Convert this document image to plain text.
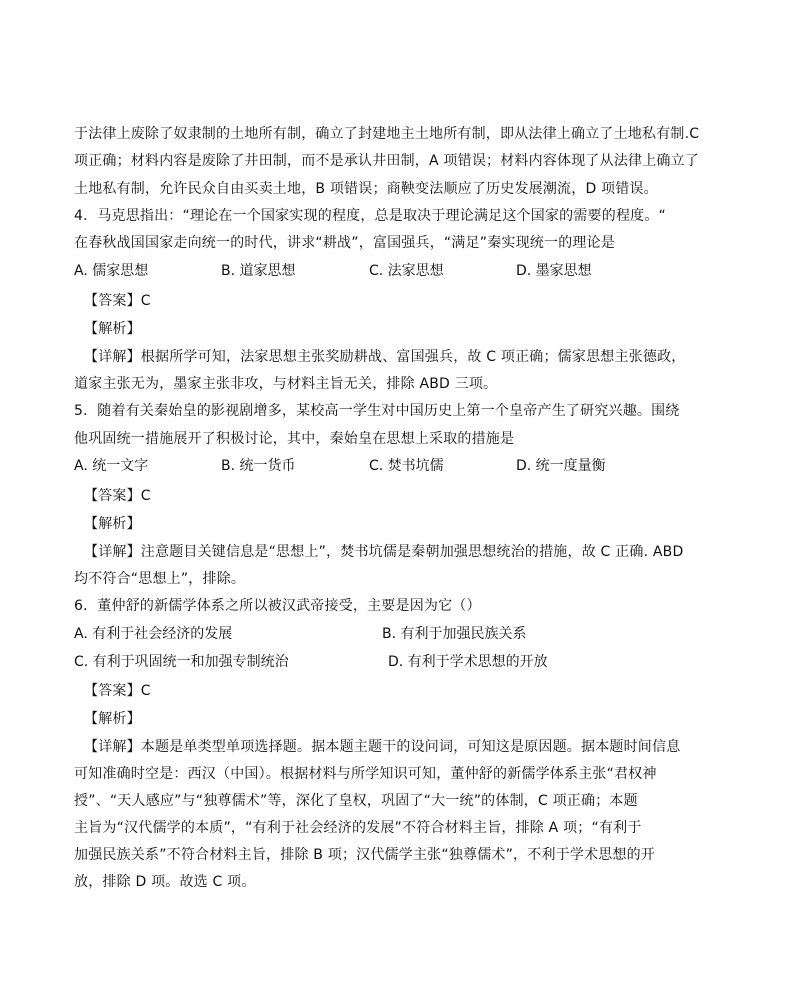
于法律上废除了奴隶制的土地所有制，确立了封建地主土地所有制，即从法律上确立了土地私有制.C
项正确；材料内容是废除了井田制，而不是承认井田制，A 项错误；材料内容体现了从法律上确立了
土地私有制，允许民众自由买卖土地，B 项错误；商鞅变法顺应了历史发展潮流，D 项错误。
4．马克思指出：“理论在一个国家实现的程度，总是取决于理论满足这个国家的需要的程度。“
在春秋战国国家走向统一的时代，讲求“耕战”，富国强兵，“满足”秦实现统一的理论是
A. 儒家思想	B. 道家思想	C. 法家思想	D. 墨家思想
【答案】C
【解析】
【详解】根据所学可知，法家思想主张奖励耕战、富国强兵，故 C 项正确；儒家思想主张德政，
道家主张无为，墨家主张非攻，与材料主旨无关，排除 ABD 三项。
5．随着有关秦始皇的影视剧增多，某校高一学生对中国历史上第一个皇帝产生了研究兴趣。围绕
他巩固统一措施展开了积极讨论，其中，秦始皇在思想上采取的措施是
A. 统一文字	B. 统一货币	C. 焚书坑儒	D. 统一度量衡
【答案】C
【解析】
【详解】注意题目关键信息是“思想上”，焚书坑儒是秦朝加强思想统治的措施，故 C 正确. ABD
均不符合“思想上”，排除。
6．董仲舒的新儒学体系之所以被汉武帝接受，主要是因为它（）
A. 有利于社会经济的发展	B. 有利于加强民族关系
C. 有利于巩固统一和加强专制统治	D. 有利于学术思想的开放
【答案】C
【解析】
【详解】本题是单类型单项选择题。据本题主题干的设问词，可知这是原因题。据本题时间信息
可知准确时空是：西汉（中国）。根据材料与所学知识可知，董仲舒的新儒学体系主张“君权神
授”、“天人感应”与“独尊儒术”等，深化了皇权，巩固了“大一统”的体制，C 项正确；本题
主旨为“汉代儒学的本质”，“有利于社会经济的发展”不符合材料主旨，排除 A 项；“有利于
加强民族关系”不符合材料主旨，排除 B 项；汉代儒学主张“独尊儒术”，不利于学术思想的开
放，排除 D 项。故选 C 项。
